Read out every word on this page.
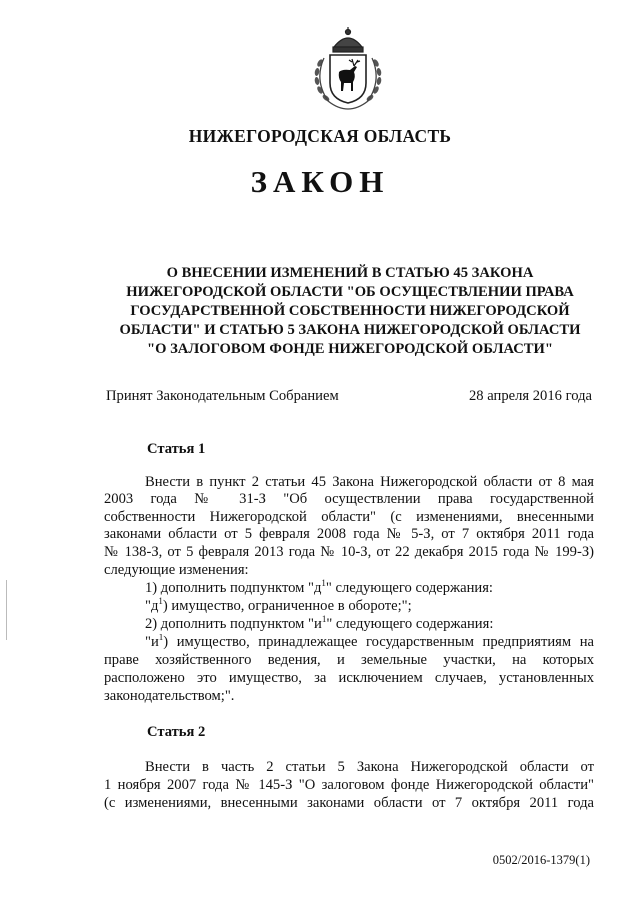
НИЖЕГОРОДСКАЯ ОБЛАСТЬ
ЗАКОН
О ВНЕСЕНИИ ИЗМЕНЕНИЙ В СТАТЬЮ 45 ЗАКОНА
НИЖЕГОРОДСКОЙ ОБЛАСТИ "ОБ ОСУЩЕСТВЛЕНИИ ПРАВА
ГОСУДАРСТВЕННОЙ СОБСТВЕННОСТИ НИЖЕГОРОДСКОЙ
ОБЛАСТИ" И СТАТЬЮ 5 ЗАКОНА НИЖЕГОРОДСКОЙ ОБЛАСТИ
"О ЗАЛОГОВОМ ФОНДЕ НИЖЕГОРОДСКОЙ ОБЛАСТИ"
Принят Законодательным Собранием	28 апреля 2016 года
Статья 1
Внести в пункт 2 статьи 45 Закона Нижегородской области от 8 мая
2003 года № 31-З "Об осуществлении права государственной
собственности Нижегородской области" (с изменениями, внесенными
законами области от 5 февраля 2008 года № 5-З, от 7 октября 2011 года
№ 138-З, от 5 февраля 2013 года № 10-З, от 22 декабря 2015 года № 199-З)
следующие изменения:
1) дополнить подпунктом "$д^1$" следующего содержания:
"$д^1$) имущество, ограниченное в обороте;";
2) дополнить подпунктом "$и^1$" следующего содержания:
"$и^1$) имущество, принадлежащее государственным предприятиям на
праве хозяйственного ведения, и земельные участки, на которых
расположено это имущество, за исключением случаев, установленных
законодательством;".
Статья 2
Внести в часть 2 статьи 5 Закона Нижегородской области от
1 ноября 2007 года № 145-З "О залоговом фонде Нижегородской области"
(с изменениями, внесенными законами области от 7 октября 2011 года
0502/2016-1379(1)
